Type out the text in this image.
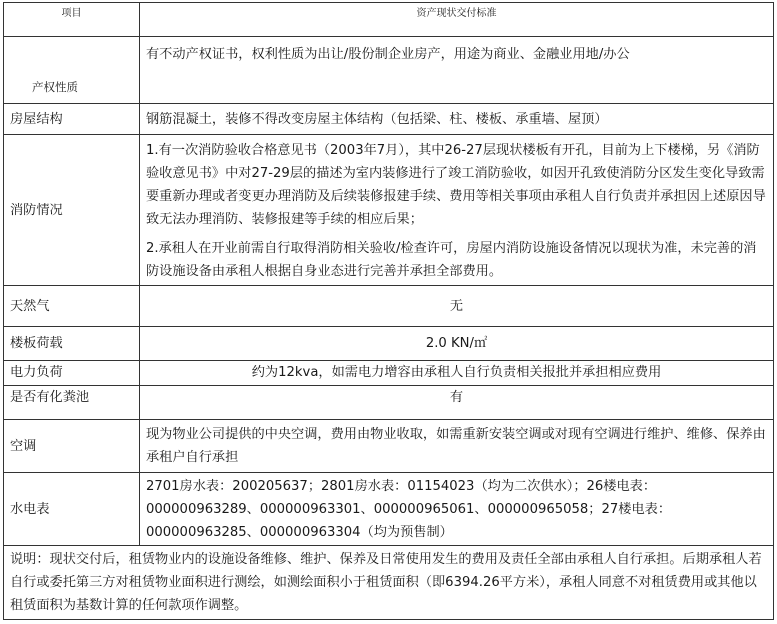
项目	资产现状交付标准
产权性质	有不动产权证书，权利性质为出让/股份制企业房产，用途为商业、金融业用地/办公
房屋结构	钢筋混凝土，装修不得改变房屋主体结构（包括梁、柱、楼板、承重墙、屋顶）
消防情况	1.有一次消防验收合格意见书（2003年7月），其中26-27层现状楼板有开孔，目前为上下楼梯，另《消防验收意见书》中对27-29层的描述为室内装修进行了竣工消防验收，如因开孔致使消防分区发生变化导致需要重新办理或者变更办理消防及后续装修报建手续、费用等相关事项由承租人自行负责并承担因上述原因导致无法办理消防、装修报建等手续的相应后果；

2.承租人在开业前需自行取得消防相关验收/检查许可，房屋内消防设施设备情况以现状为准，未完善的消防设施设备由承租人根据自身业态进行完善并承担全部费用。

天然气	无
楼板荷载	2.0 KN/㎡
电力负荷	约为12kva，如需电力增容由承租人自行负责相关报批并承担相应费用
是否有化粪池	有
空调	现为物业公司提供的中央空调，费用由物业收取，如需重新安装空调或对现有空调进行维护、维修、保养由承租户自行承担
水电表	2701房水表：200205637；2801房水表：01154023（均为二次供水）；26楼电表：000000963289、000000963301、000000965061、000000965058；27楼电表：000000963285、000000963304（均为预售制）
说明：现状交付后，租赁物业内的设施设备维修、维护、保养及日常使用发生的费用及责任全部由承租人自行承担。后期承租人若自行或委托第三方对租赁物业面积进行测绘，如测绘面积小于租赁面积（即6394.26平方米），承租人同意不对租赁费用或其他以租赁面积为基数计算的任何款项作调整。	
